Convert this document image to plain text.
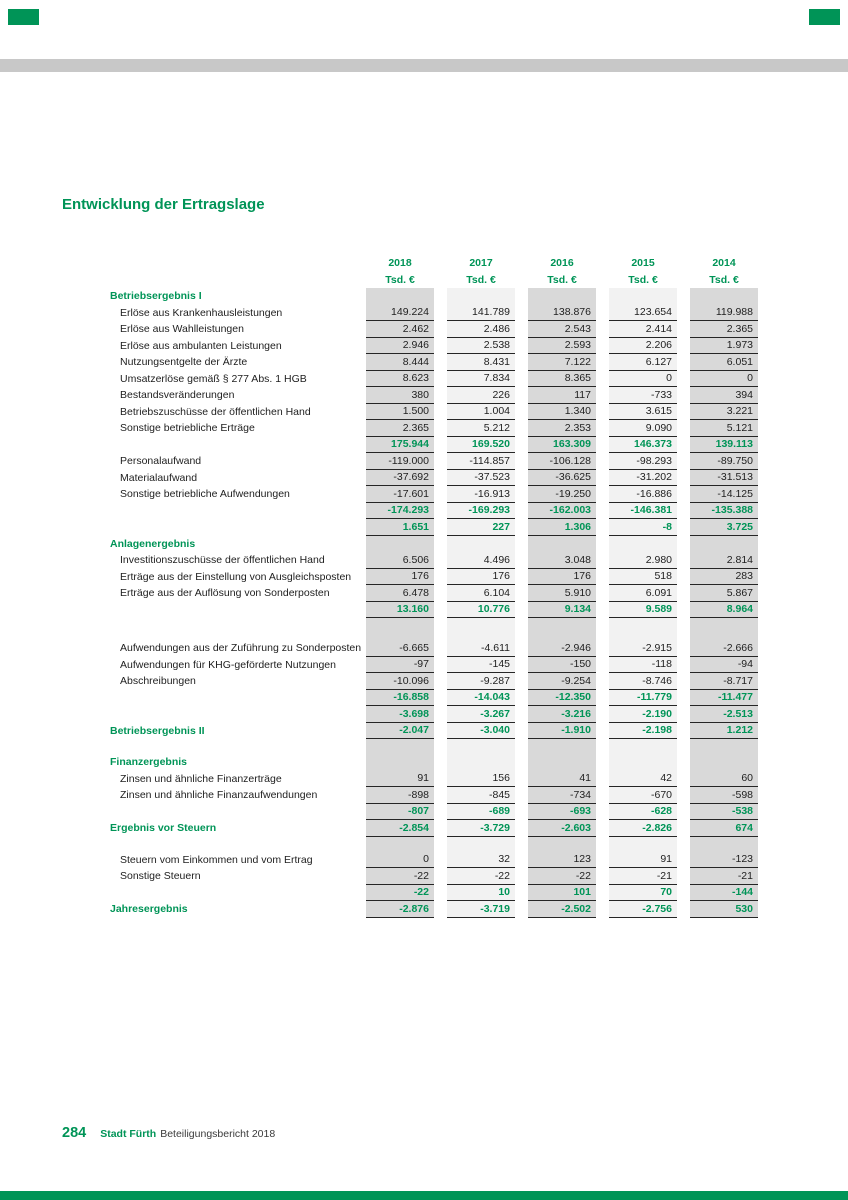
Entwicklung der Ertragslage
2018	2017	2016	2015	2014
Tsd. €	Tsd. €	Tsd. €	Tsd. €	Tsd. €
Betriebsergebnis I
Erlöse aus Krankenhausleistungen	149.224	141.789	138.876	123.654	119.988
Erlöse aus Wahlleistungen	2.462	2.486	2.543	2.414	2.365
Erlöse aus ambulanten Leistungen	2.946	2.538	2.593	2.206	1.973
Nutzungsentgelte der Ärzte	8.444	8.431	7.122	6.127	6.051
Umsatzerlöse gemäß § 277 Abs. 1 HGB	8.623	7.834	8.365	0	0
Bestandsveränderungen	380	226	117	-733	394
Betriebszuschüsse der öffentlichen Hand	1.500	1.004	1.340	3.615	3.221
Sonstige betriebliche Erträge	2.365	5.212	2.353	9.090	5.121
175.944	169.520	163.309	146.373	139.113
Personalaufwand	-119.000	-114.857	-106.128	-98.293	-89.750
Materialaufwand	-37.692	-37.523	-36.625	-31.202	-31.513
Sonstige betriebliche Aufwendungen	-17.601	-16.913	-19.250	-16.886	-14.125
-174.293	-169.293	-162.003	-146.381	-135.388
1.651	227	1.306	-8	3.725
Anlagenergebnis
Investitionszuschüsse der öffentlichen Hand	6.506	4.496	3.048	2.980	2.814
Erträge aus der Einstellung von Ausgleichsposten	176	176	176	518	283
Erträge aus der Auflösung von Sonderposten	6.478	6.104	5.910	6.091	5.867
13.160	10.776	9.134	9.589	8.964
Aufwendungen aus der Zuführung zu Sonderposten	-6.665	-4.611	-2.946	-2.915	-2.666
Aufwendungen für KHG-geförderte Nutzungen	-97	-145	-150	-118	-94
Abschreibungen	-10.096	-9.287	-9.254	-8.746	-8.717
-16.858	-14.043	-12.350	-11.779	-11.477
-3.698	-3.267	-3.216	-2.190	-2.513
Betriebsergebnis II	-2.047	-3.040	-1.910	-2.198	1.212
Finanzergebnis
Zinsen und ähnliche Finanzerträge	91	156	41	42	60
Zinsen und ähnliche Finanzaufwendungen	-898	-845	-734	-670	-598
-807	-689	-693	-628	-538
Ergebnis vor Steuern	-2.854	-3.729	-2.603	-2.826	674
Steuern vom Einkommen und vom Ertrag	0	32	123	91	-123
Sonstige Steuern	-22	-22	-22	-21	-21
-22	10	101	70	-144
Jahresergebnis	-2.876	-3.719	-2.502	-2.756	530
284 Stadt Fürth Beteiligungsbericht 2018
